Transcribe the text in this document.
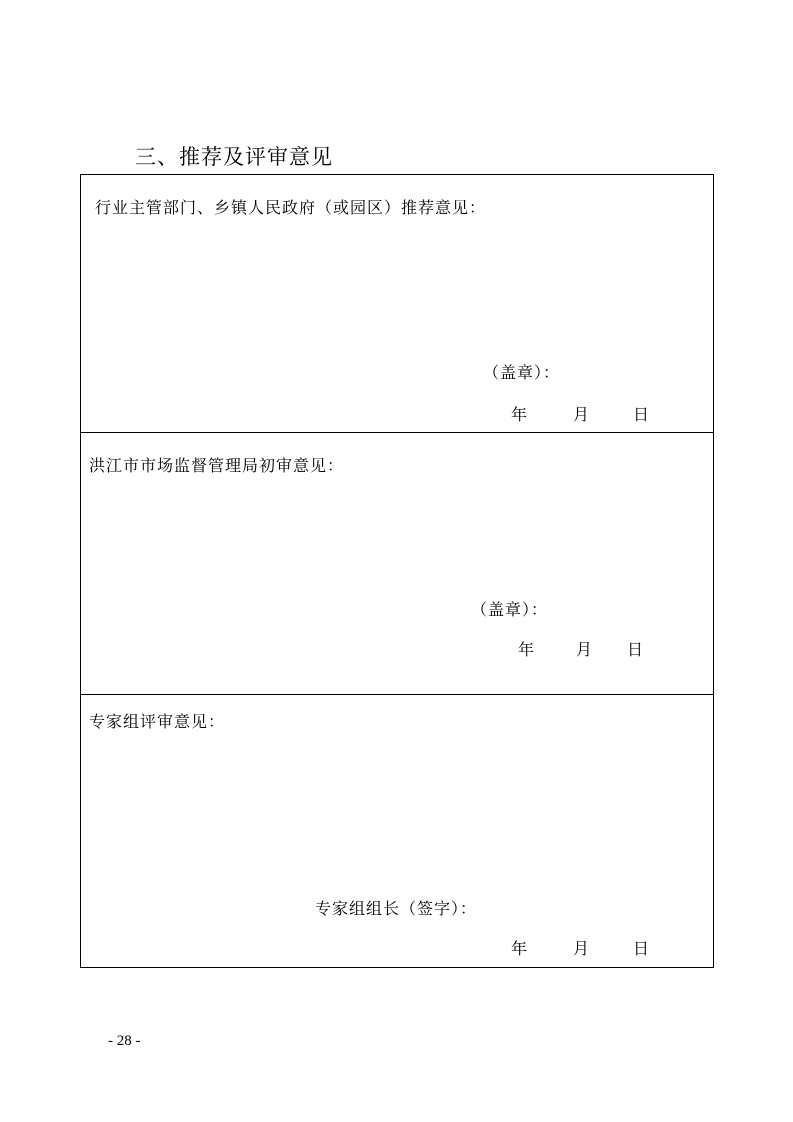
三、推荐及评审意见
行业主管部门、乡镇人民政府（或园区）推荐意见：
（盖章）：
年	月	日
洪江市市场监督管理局初审意见：
（盖章）：
年	月 日
专家组评审意见：
专家组组长（签字）：
年	月	日
- 28 -
